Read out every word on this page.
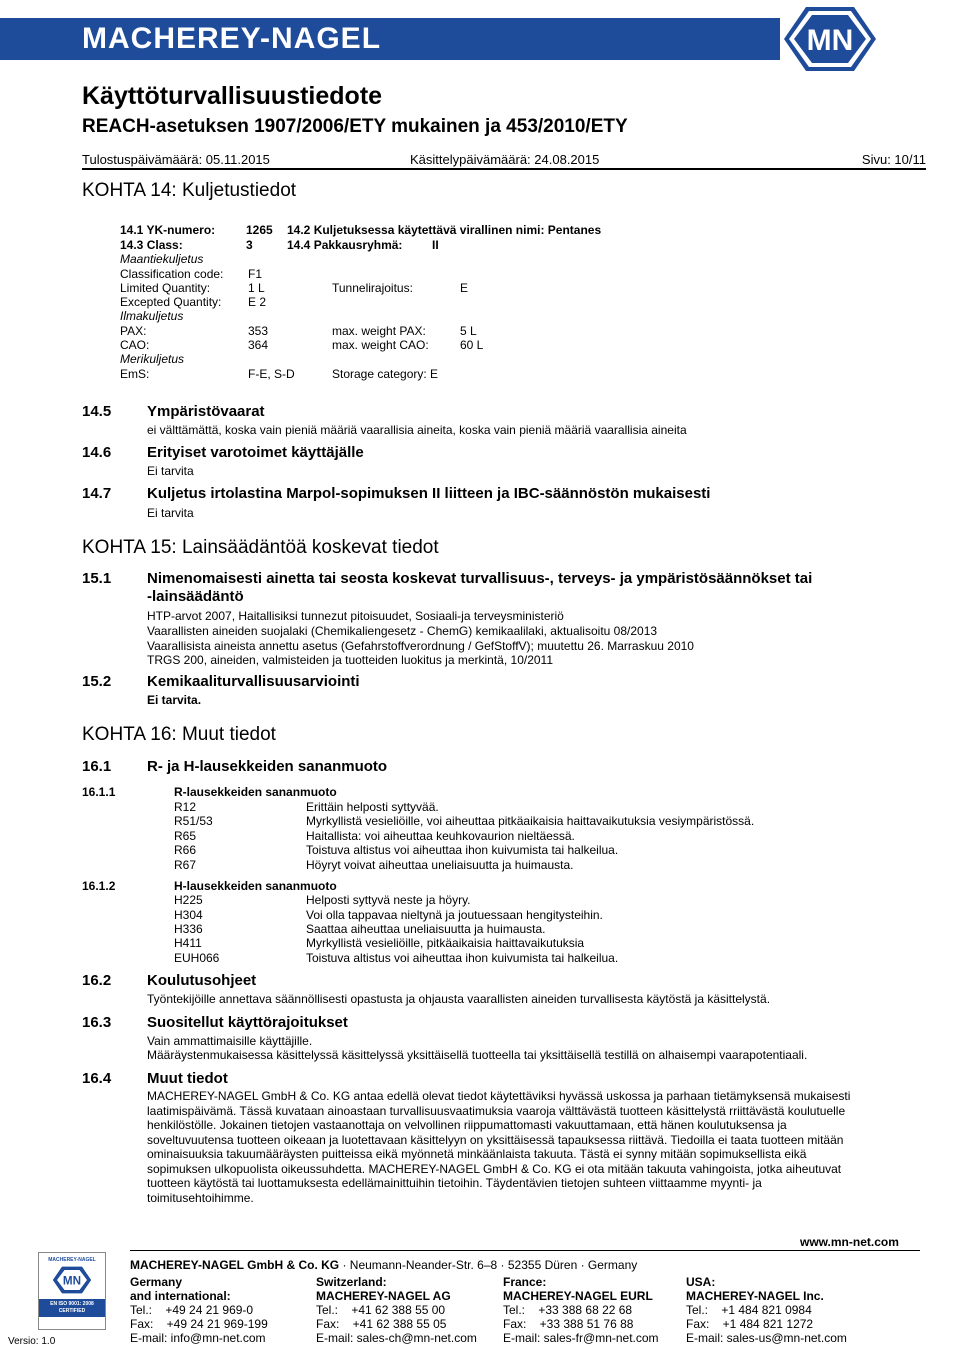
MACHEREY-NAGEL	MN
Käyttöturvallisuustiedote
REACH-asetuksen 1907/2006/ETY mukainen ja 453/2010/ETY
Tulostuspäivämäärä: 05.11.2015	Käsittelypäivämäärä: 24.08.2015	Sivu: 10/11
KOHTA 14: Kuljetustiedot
14.1 YK-numero:	1265 14.2 Kuljetuksessa käytettävä virallinen nimi: Pentanes
14.3 Class:	3	14.4 Pakkausryhmä: II
Maantiekuljetus
Classification code: F1
Limited Quantity:	1 L	Tunnelirajoitus:	E
Excepted Quantity: E 2
Ilmakuljetus
PAX:	353	max. weight PAX:	5 L
CAO:	364	max. weight CAO:	60 L
Merikuljetus
EmS:	F-E, S-D	Storage category: E
14.5 Ympäristövaarat
ei välttämättä, koska vain pieniä määriä vaarallisia aineita, koska vain pieniä määriä vaarallisia aineita
14.6 Erityiset varotoimet käyttäjälle
Ei tarvita
14.7 Kuljetus irtolastina Marpol-sopimuksen II liitteen ja IBC-säännöstön mukaisesti
Ei tarvita
KOHTA 15: Lainsäädäntöä koskevat tiedot
15.1 Nimenomaisesti ainetta tai seosta koskevat turvallisuus-, terveys- ja ympäristösäännökset tai
-lainsäädäntö
HTP-arvot 2007, Haitallisiksi tunnezut pitoisuudet, Sosiaali-ja terveysministeriö
Vaarallisten aineiden suojalaki (Chemikaliengesetz - ChemG) kemikaalilaki, aktualisoitu 08/2013
Vaarallisista aineista annettu asetus (Gefahrstoffverordnung / GefStoffV); muutettu 26. Marraskuu 2010
TRGS 200, aineiden, valmisteiden ja tuotteiden luokitus ja merkintä, 10/2011
15.2 Kemikaaliturvallisuusarviointi
Ei tarvita.
KOHTA 16: Muut tiedot
16.1 R- ja H-lausekkeiden sananmuoto
16.1.1	R-lausekkeiden sananmuoto
R12	Erittäin helposti syttyvää.
R51/53	Myrkyllistä vesieliöille, voi aiheuttaa pitkäaikaisia haittavaikutuksia vesiympäristössä.
R65	Haitallista: voi aiheuttaa keuhkovaurion nieltäessä.
R66	Toistuva altistus voi aiheuttaa ihon kuivumista tai halkeilua.
R67	Höyryt voivat aiheuttaa uneliaisuutta ja huimausta.
16.1.2	H-lausekkeiden sananmuoto
H225	Helposti syttyvä neste ja höyry.
H304	Voi olla tappavaa nieltynä ja joutuessaan hengitysteihin.
H336	Saattaa aiheuttaa uneliaisuutta ja huimausta.
H411	Myrkyllistä vesieliöille, pitkäaikaisia haittavaikutuksia
EUH066	Toistuva altistus voi aiheuttaa ihon kuivumista tai halkeilua.
16.2 Koulutusohjeet
Työntekijöille annettava säännöllisesti opastusta ja ohjausta vaarallisten aineiden turvallisesta käytöstä ja käsittelystä.
16.3 Suositellut käyttörajoitukset
Vain ammattimaisille käyttäjille.
Määräystenmukaisessa käsittelyssä käsittelyssä yksittäisellä tuotteella tai yksittäisellä testillä on alhaisempi vaarapotentiaali.
16.4 Muut tiedot
MACHEREY-NAGEL GmbH & Co. KG antaa edellä olevat tiedot käytettäviksi hyvässä uskossa ja parhaan tietämyksensä mukaisesti
laatimispäivämä. Tässä kuvataan ainoastaan turvallisuusvaatimuksia vaaroja välttävästä tuotteen käsittelystä rriittävästä koulutuelle
henkilöstölle. Jokainen tietojen vastaanottaja on velvollinen riippumattomasti vakuuttamaan, että hänen koulutuksensa ja
soveltuvuutensa tuotteen oikeaan ja luotettavaan käsittelyyn on yksittäisessä tapauksessa riittävä. Tiedoilla ei taata tuotteen mitään
ominaisuuksia takuumääräysten puitteissa eikä myönnetä minkäänlaista takuuta. Tästä ei synny mitään sopimuksellista eikä
sopimuksen ulkopuolista oikeussuhdetta. MACHEREY-NAGEL GmbH & Co. KG ei ota mitään takuuta vahingoista, jotka aiheutuvat
tuotteen käytöstä tai luottamuksesta edellämainittuihin tietoihin. Täydentävien tietojen suhteen viittaamme myynti- ja
toimitusehtoihimme.
www.mn-net.com
MACHEREY-NAGEL GmbH & Co. KG · Neumann-Neander-Str. 6–8 · 52355 Düren · Germany
MACHEREY-NAGEL
MN
EN ISO 9001: 2008
CERTIFIED
Versio: 1.0
Germany
and international:
Tel.:    +49 24 21 969-0
Fax:    +49 24 21 969-199
E-mail: info@mn-net.com
Switzerland:
MACHEREY-NAGEL AG
Tel.:    +41 62 388 55 00
Fax:    +41 62 388 55 05
E-mail: sales-ch@mn-net.com
France:
MACHEREY-NAGEL EURL
Tel.:    +33 388 68 22 68
Fax:    +33 388 51 76 88
E-mail: sales-fr@mn-net.com
USA:
MACHEREY-NAGEL Inc.
Tel.:    +1 484 821 0984
Fax:    +1 484 821 1272
E-mail: sales-us@mn-net.com
